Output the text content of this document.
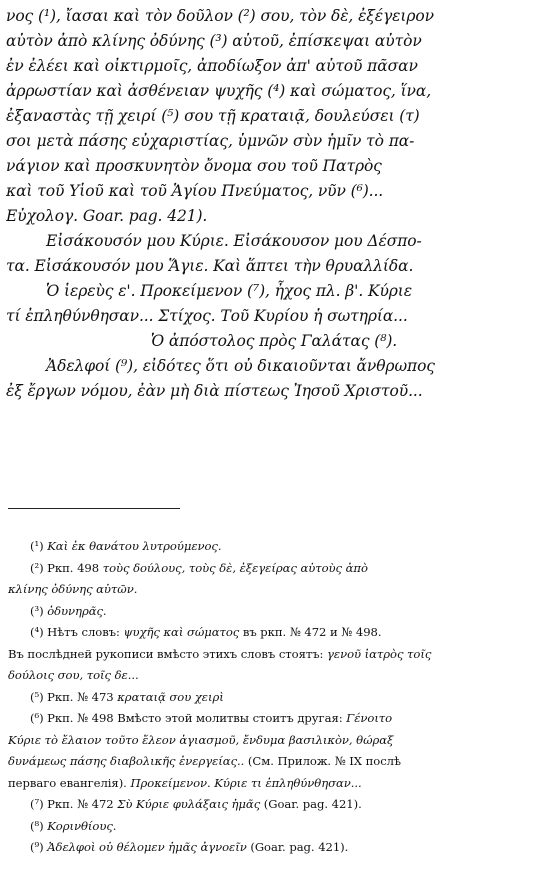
νος (¹), ἴασαι καὶ τὸν δοῦλον (²) σου, τὸν δὲ, ἐξέγειρον
αὐτὸν ἀπὸ κλίνης ὀδύνης (³) αὐτοῦ, ἐπίσκεψαι αὐτὸν
ἐν ἐλέει καὶ οἰκτιρμοῖς, ἀποδίωξον ἀπ' αὐτοῦ πᾶσαν
ἀρρωστίαν καὶ ἀσθένειαν ψυχῆς (⁴) καὶ σώματος, ἵνα,
ἐξαναστὰς τῇ χειρί (⁵) σου τῇ κραταιᾷ, δουλεύσει (τ)
σοι μετὰ πάσης εὐχαριστίας, ὑμνῶν σὺν ἡμῖν τὸ πα-
νάγιον καὶ προσκυνητὸν ὄνομα σου τοῦ Πατρὸς
καὶ τοῦ Υἱοῦ καὶ τοῦ Ἁγίου Πνεύματος, νῦν (⁶)...
Εὐχολογ. Goar. pag. 421).
Εἰσάκουσόν μου Κύριε. Εἰσάκουσον μου Δέσπο-
τα. Εἰσάκουσόν μου Ἅγιε. Καὶ ἅπτει τὴν θρυαλλίδα.
Ὁ ἱερεὺς ε'. Προκείμενον (⁷), ἦχος πλ. β'. Κύριε
τί ἐπληθύνθησαν... Στίχος. Τοῦ Κυρίου ἡ σωτηρία...
Ὁ ἀπόστολος πρὸς Γαλάτας (⁸).
Ἀδελφοί (⁹), εἰδότες ὅτι οὐ δικαιοῦνται ἄνθρωπος
ἐξ ἔργων νόμου, ἐὰν μὴ διὰ πίστεως Ἰησοῦ Χριστοῦ...
(¹) Καὶ ἐκ θανάτου λυτρούμενος.
(²) Ркп. 498 τοὺς δούλους, τοὺς δὲ, ἐξεγείρας αὐτοὺς ἀπὸ
κλίνης ὀδύνης αὐτῶν.
(³) ὀδυνηρᾶς.
(⁴) Нѣтъ словъ: ψυχῆς καὶ σώματος въ ркп. № 472 и № 498.
Въ послѣдней рукописи вмѣсто этихъ словъ стоятъ: γενοῦ ἰατρὸς τοῖς
δούλοις σου, τοῖς δε...
(⁵) Ркп. № 473 κραταιᾷ σου χειρὶ
(⁶) Ркп. № 498 Вмѣсто этой молитвы стоитъ другая: Γένοιτο
Κύριε τὸ ἔλαιον τοῦτο ἔλεον ἁγιασμοῦ, ἔνδυμα βασιλικὸν, θώραξ
δυνάμεως πάσης διαβολικῆς ἐνεργείας.. (См. Прилож. № IX послѣ
перваго евангелія). Προκείμενον. Κύριε τι ἐπληθύνθησαν...
(⁷) Ркп. № 472 Σὺ Κύριε φυλάξαις ἡμᾶς (Goar. pag. 421).
(⁸) Κορινθίους.
(⁹) Ἀδελφοὶ οὐ θέλομεν ἡμᾶς ἀγνοεῖν (Goar. pag. 421).
